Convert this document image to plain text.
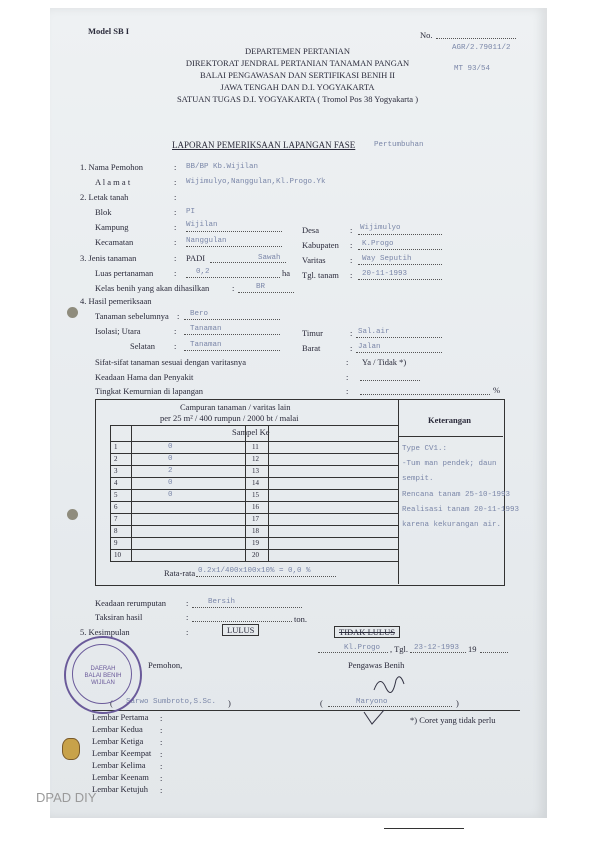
Model SB I	No.
AGR/2.79011/2
MT 93/54
DEPARTEMEN PERTANIAN
DIREKTORAT JENDRAL PERTANIAN TANAMAN PANGAN
BALAI PENGAWASAN DAN SERTIFIKASI BENIH II
JAWA TENGAH DAN D.I. YOGYAKARTA
SATUAN TUGAS D.I. YOGYAKARTA ( Tromol Pos 38 Yogyakarta )
LAPORAN PEMERIKSAAN LAPANGAN FASE Pertumbuhan
1. Nama Pemohon	: BB/BP Kb.Wijilan
A l a m a t	: Wijimulyo,Nanggulan,Kl.Progo.Yk
2. Letak tanah	:
Blok	: PI
Kampung	: Wijilan	Desa	: Wijimulyo
Kecamatan	: Nanggulan	Kabupaten : K.Progo
3. Jenis tanaman	: PADI	Sawah	Varitas	: Way Seputih
Luas pertanaman :	0,2	ha Tgl. tanam : 20-11-1993
Kelas benih yang akan dihasilkan	:	BR
4. Hasil pemeriksaan
Tanaman sebelumnya : Bero
Isolasi; Utara	: Tanaman	Timur	: Sal.air
Selatan : Tanaman	Barat	: Jalan
Sifat-sifat tanaman sesuai dengan varitasnya	: Ya / Tidak *)
Keadaan Hama dan Penyakit	:
Tingkat Kemurnian di lapangan	:	%
Campuran tanaman / varitas lain
per 25 m² / 400 rumpun / 2000 bt / malai	Keterangan
Sampel Ke
1	0	11
2	0	12
3	2	13
4	0	14
5	0	15
6	16
7	17
8	18
9	19
10	20
Rata-rata 0.2x1/400x100x10% = 0,0 %
Type CV1.:
-Tum man pendek; daun
sempit.
Rencana tanam 25-10-1993
Realisasi tanam 20-11-1993
karena kekurangan air.
Keadaan rerumputan :	Bersih
Taksiran hasil	:	ton.
5. Kesimpulan	:	LULUS	TIDAK LULUS
Kl.Progo , Tgl. 23-12-1993 19
Pemohon,	Pengawas Benih
( Sarwo Sumbroto,S.Sc. )	(	Maryono	)
*) Coret yang tidak perlu
Lembar Pertama
Lembar Kedua
Lembar Ketiga
Lembar Keempat
Lembar Kelima
Lembar Keenam
Lembar Ketujuh
:
:
:
:
:
:
:
DAERAH
BALAI BENIH
WIJILAN
DPAD DIY
